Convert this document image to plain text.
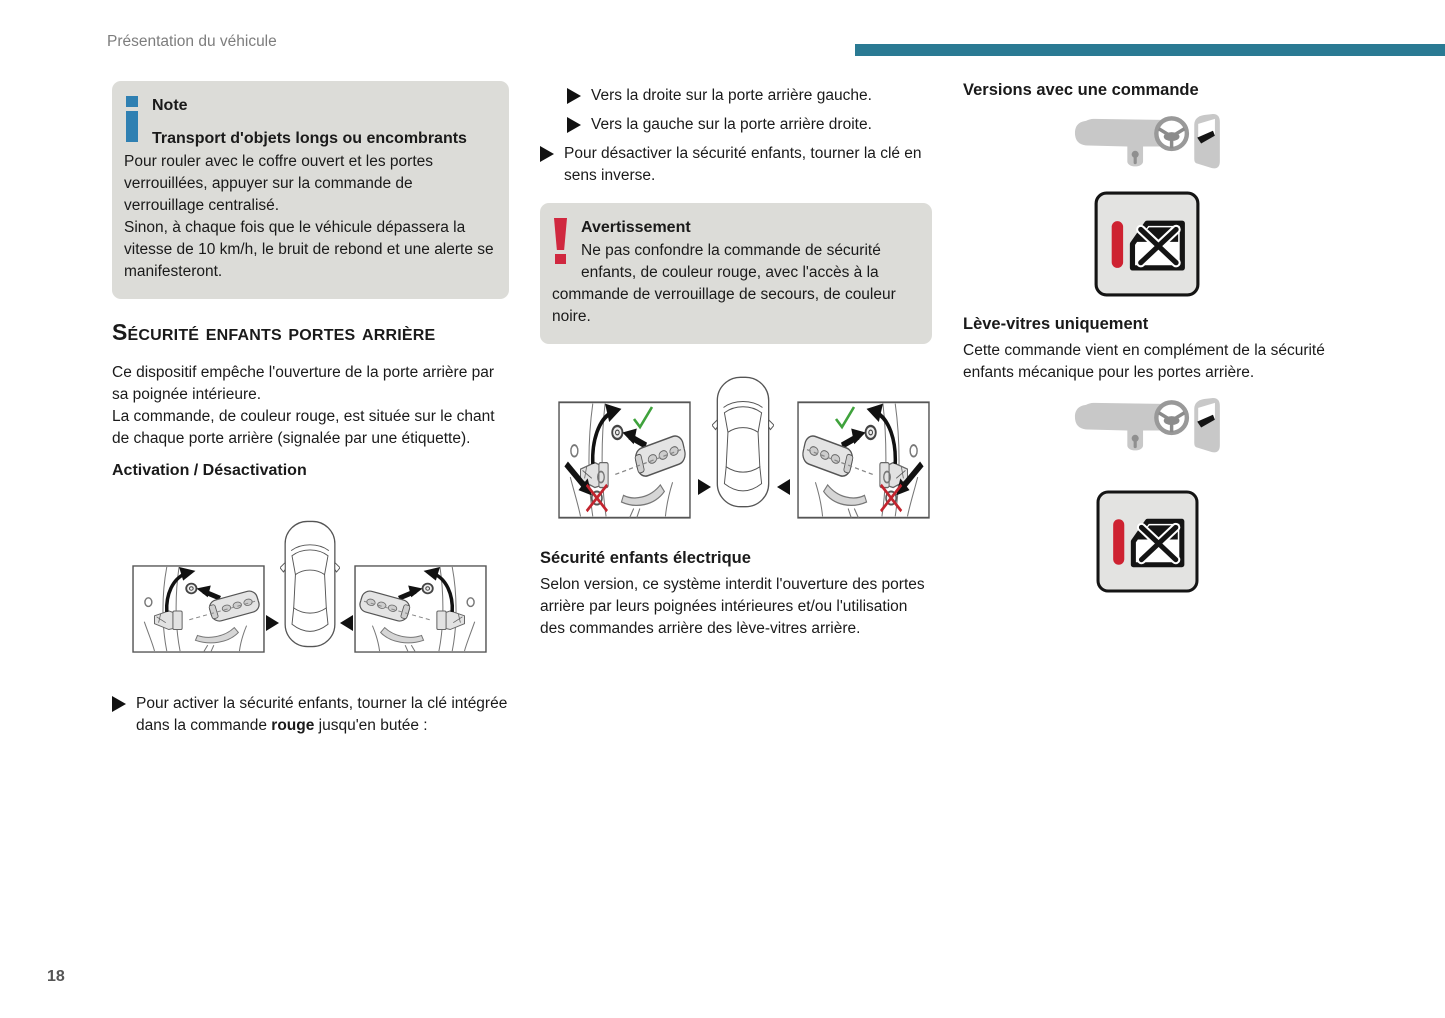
Présentation du véhicule
Note
Transport d'objets longs ou encombrants

Pour rouler avec le coffre ouvert et les portes verrouillées, appuyer sur la commande de verrouillage centralisé.

Sinon, à chaque fois que le véhicule dépassera la vitesse de 10 km/h, le bruit de rebond et une alerte se manifesteront.

Sécurité enfants portes arrière

Ce dispositif empêche l'ouverture de la porte arrière par sa poignée intérieure.

La commande, de couleur rouge, est située sur le chant de chaque porte arrière (signalée par une étiquette).

Activation / Désactivation
Pour activer la sécurité enfants, tourner la clé intégrée dans la commande rouge jusqu'en butée :
Vers la droite sur la porte arrière gauche.
Vers la gauche sur la porte arrière droite.
Pour désactiver la sécurité enfants, tourner la clé en sens inverse.
Avertissement

Ne pas confondre la commande de sécurité enfants, de couleur rouge, avec l'accès à la commande de verrouillage de secours, de couleur noire.

Sécurité enfants électrique

Selon version, ce système interdit l'ouverture des portes arrière par leurs poignées intérieures et/ou l'utilisation des commandes arrière des lève-vitres arrière.

Versions avec une commande
Lève-vitres uniquement

Cette commande vient en complément de la sécurité enfants mécanique pour les portes arrière.

18
